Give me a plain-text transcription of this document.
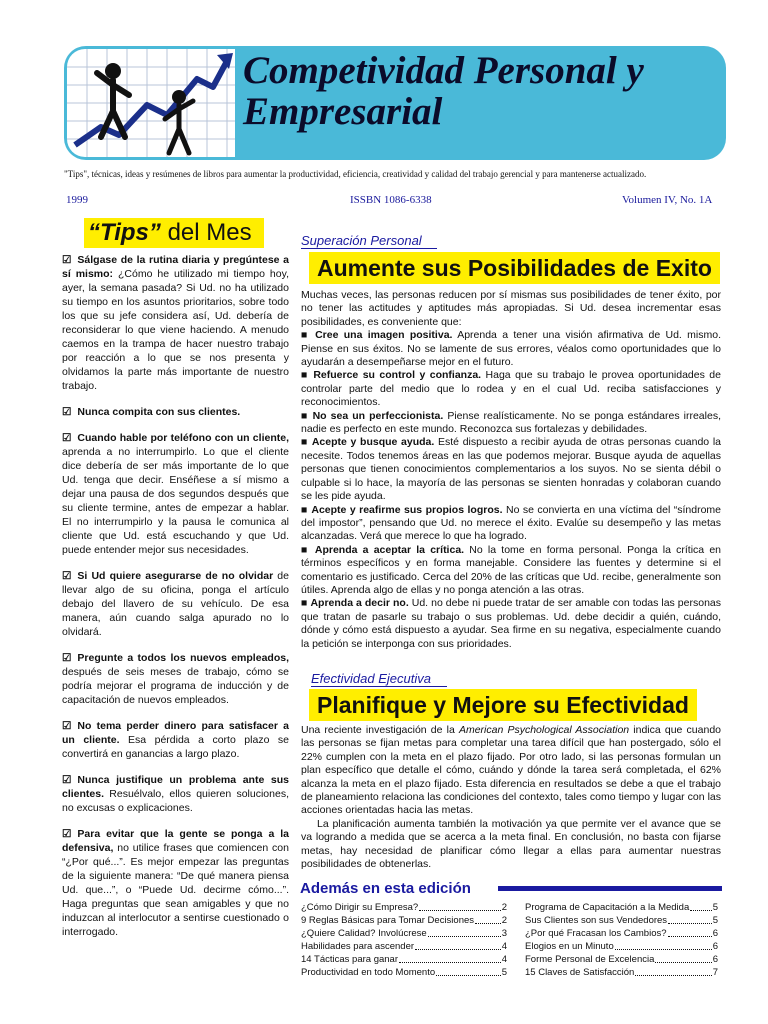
Competividad Personal y
Empresarial
"Tips", técnicas, ideas y resúmenes de libros para aumentar la productividad, eficiencia, creatividad y calidad del trabajo gerencial y para mantenerse actualizado.
1999	ISSBN 1086-6338	Volumen IV, No. 1A
“Tips” del Mes
☑ Sálgase de la rutina diaria y pregúntese a sí mismo: ¿Cómo he utilizado mi tiempo hoy, ayer, la semana pasada? Si Ud. no ha utilizado su tiempo en los asuntos prioritarios, sobre todo los que su jefe considera así, Ud. debería de reconsiderar lo que viene haciendo. A menudo caemos en la trampa de hacer nuestro trabajo por reacción a lo que se nos presenta y olvidamos la parte más importante de nuestro trabajo.
☑ Nunca compita con sus clientes.
☑ Cuando hable por teléfono con un cliente, aprenda a no interrumpirlo. Lo que el cliente dice debería de ser más importante de lo que Ud. tenga que decir. Enséñese a sí mismo a dejar una pausa de dos segundos después que su cliente termine, antes de empezar a hablar. El no interrumpirlo y la pausa le comunica al cliente que Ud. está escuchando y que Ud. puede entender mejor sus necesidades.
☑ Si Ud quiere asegurarse de no olvidar de llevar algo de su oficina, ponga el artículo debajo del llavero de su vehículo. De esa manera, aún cuando salga apurado no lo olvidará.
☑ Pregunte a todos los nuevos empleados, después de seis meses de trabajo, cómo se podría mejorar el programa de inducción y de capacitación de nuevos empleados.
☑ No tema perder dinero para satisfacer a un cliente. Esa pérdida a corto plazo se convertirá en ganancias a largo plazo.
☑ Nunca justifique un problema ante sus clientes. Resuélvalo, ellos quieren soluciones, no excusas o explicaciones.
☑ Para evitar que la gente se ponga a la defensiva, no utilice frases que comiencen con “¿Por qué...”. Es mejor empezar las preguntas de la siguiente manera: “De qué manera piensa Ud. que...”, o “Puede Ud. decirme cómo...”. Haga preguntas que sean amigables y que no induzcan al interlocutor a sentirse cuestionado o interrogado.
Superación Personal
Aumente sus Posibilidades de Exito

Muchas veces, las personas reducen por sí mismas sus posibilidades de tener éxito, por no tener las actitudes y aptitudes más apropiadas. Si Ud. desea incrementar esas posibilidades, es conveniente que:

■ Cree una imagen positiva. Aprenda a tener una visión afirmativa de Ud. mismo. Piense en sus éxitos. No se lamente de sus errores, véalos como oportunidades que lo ayudarán a desempeñarse mejor en el futuro.

■ Refuerce su control y confianza. Haga que su trabajo le provea oportunidades de controlar parte del medio que lo rodea y en el cual Ud. reciba satisfacciones y reconocimientos.

■ No sea un perfeccionista. Piense realísticamente. No se ponga estándares irreales, nadie es perfecto en este mundo. Reconozca sus fortalezas y debilidades.

■ Acepte y busque ayuda. Esté dispuesto a recibir ayuda de otras personas cuando la necesite. Todos tenemos áreas en las que podemos mejorar. Busque ayuda de aquellas personas que tienen conocimientos complementarios a los suyos. No se sienta débil o culpable si lo hace, la mayoría de las personas se sienten honradas y colaboran cuando se les pide ayuda.

■ Acepte y reafirme sus propios logros. No se convierta en una víctima del “síndrome del impostor”, pensando que Ud. no merece el éxito. Evalúe su desempeño y las metas alcanzadas. Verá que merece lo que ha logrado.

■ Aprenda a aceptar la crítica. No la tome en forma personal. Ponga la crítica en términos específicos y en forma manejable. Considere las fuentes y determine si el comentario es justificado. Cerca del 20% de las críticas que Ud. recibe, generalmente son útiles. Aprenda algo de ellas y no ponga atención a las otras.

■ Aprenda a decir no. Ud. no debe ni puede tratar de ser amable con todas las personas que tratan de pasarle su trabajo o sus problemas. Ud. debe decidir a quién, cuándo, dónde y cómo está dispuesto a ayudar. Sea firme en su negativa, especialmente cuando la petición se interponga con sus prioridades.

Efectividad Ejecutiva
Planifique y Mejore su Efectividad

Una reciente investigación de la American Psychological Association indica que cuando las personas se fijan metas para completar una tarea difícil que han postergado, sólo el 22% cumplen con la meta en el plazo fijado. Por otro lado, si las personas formulan un plan específico que detalle el cómo, cuándo y dónde la tarea será completada, el 62% alcanza la meta en el plazo fijado. Esta diferencia en resultados se debe a que el trabajo de planeamiento relaciona las condiciones del contexto, tales como tiempo y lugar con las acciones orientadas hacia las metas.

La planificación aumenta también la motivación ya que permite ver el avance que se va logrando a medida que se acerca a la meta final. En conclusión, no basta con fijarse metas, hay necesidad de planificar cómo llegar a ellas para aumentar nuestras posibilidades de obtenerlas.

Además en esta edición
¿Cómo Dirigir su Empresa?	2
9 Reglas Básicas para Tomar Decisiones	2
¿Quiere Calidad? Involúcrese	3
Habilidades para ascender	4
14 Tácticas para ganar	4
Productividad en todo Momento	5
Programa de Capacitación a la Medida 5
Sus Clientes son sus Vendedores	5
¿Por qué Fracasan los Cambios?	6
Elogios en un Minuto	6
Forme Personal de Excelencia	6
15 Claves de Satisfacción	7
